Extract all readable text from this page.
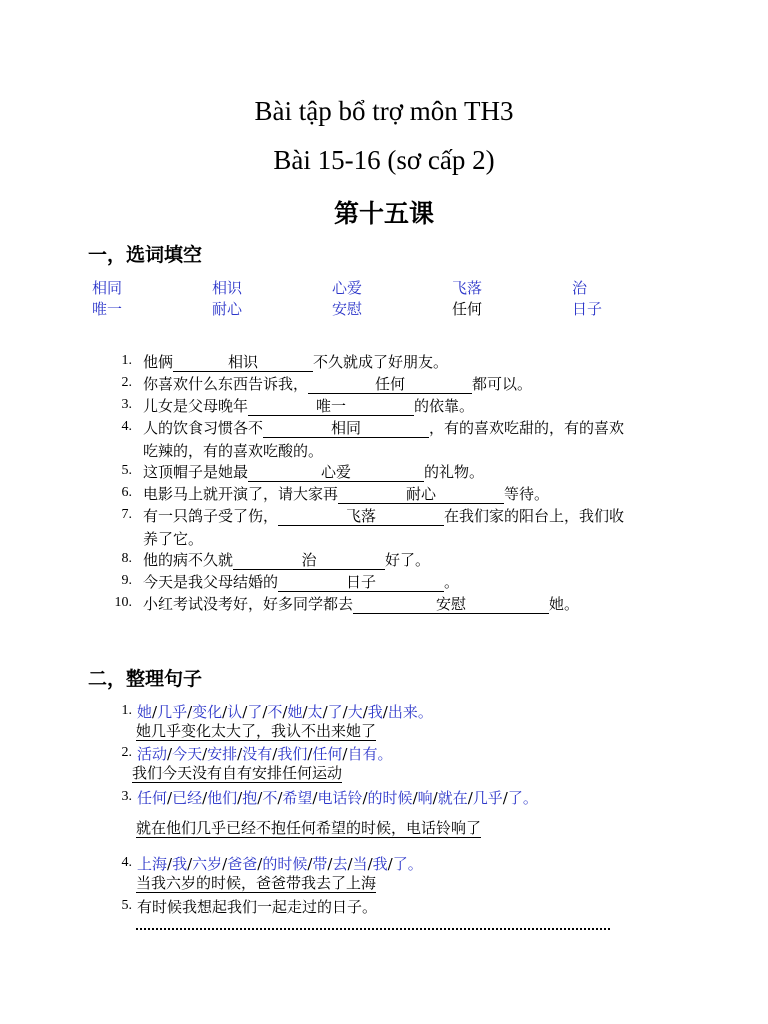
Bài tập bổ trợ môn TH3
Bài 15-16 (sơ cấp 2)
第十五课
一，选词填空
相同	相识	心爱	飞落	治
唯一	耐心	安慰	任何	日子
1. 他俩	相识	不久就成了好朋友。
2. 你喜欢什么东西告诉我，	任何	都可以。
3. 儿女是父母晚年	唯一	的依靠。
4. 人的饮食习惯各不	相同	，有的喜欢吃甜的，有的喜欢
吃辣的，有的喜欢吃酸的。
5. 这顶帽子是她最	心爱	的礼物。
6. 电影马上就开演了，请大家再	耐心	等待。
7. 有一只鸽子受了伤，	飞落	在我们家的阳台上，我们收
养了它。
8. 他的病不久就	治	好了。
9. 今天是我父母结婚的	日子	。
10. 小红考试没考好，好多同学都去	安慰	她。
二，整理句子
1. 她/几乎/变化/认/了/不/她/太/了/大/我/出来。
她几乎变化太大了，我认不出来她了
2. 活动/今天/安排/没有/我们/任何/自有。
我们今天没有自有安排任何运动
3. 任何/已经/他们/抱/不/希望/电话铃/的时候/响/就在/几乎/了。
就在他们几乎已经不抱任何希望的时候，电话铃响了
4. 上海/我/六岁/爸爸/的时候/带/去/当/我/了。
当我六岁的时候，爸爸带我去了上海
5. 有时候我想起我们一起走过的日子。
